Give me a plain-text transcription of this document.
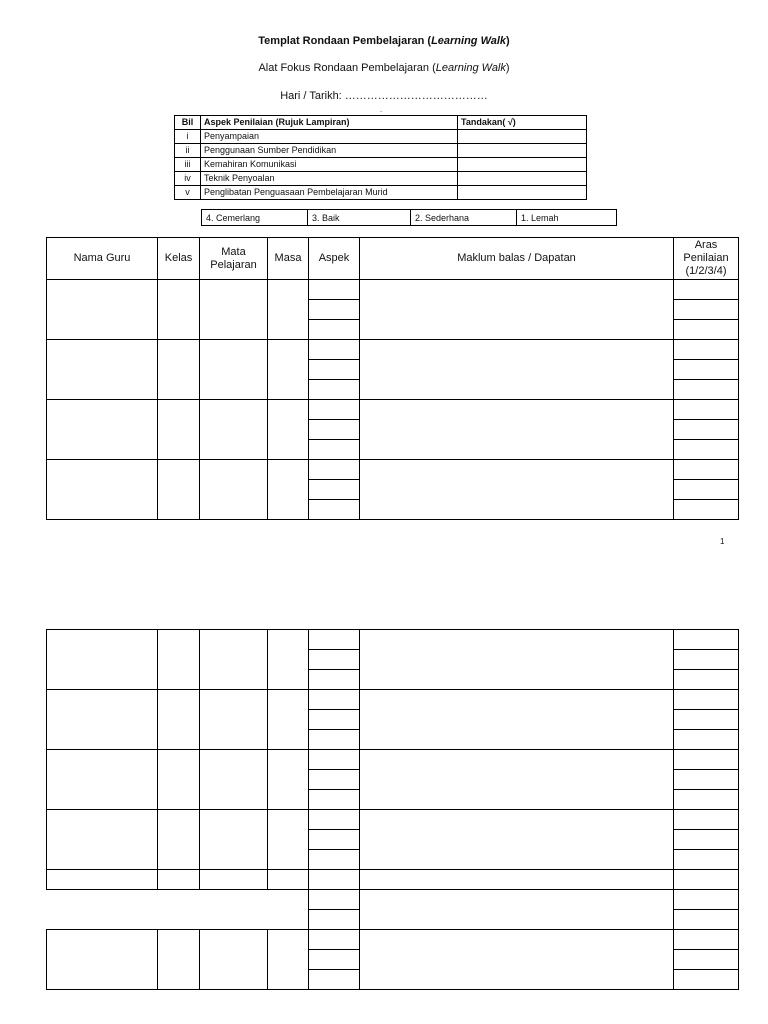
Templat Rondaan Pembelajaran (Learning Walk)
Alat Fokus Rondaan Pembelajaran (Learning Walk)
Hari / Tarikh: …………………………………
.
Bil	Aspek Penilaian (Rujuk Lampiran)	Tandakan( √)
i	Penyampaian	
ii	Penggunaan Sumber Pendidikan	
iii	Kemahiran Komunikasi	
iv	Teknik Penyoalan	
v	Penglibatan Penguasaan Pembelajaran Murid	
4. Cemerlang	3. Baik	2. Sederhana	1. Lemah
Nama Guru	Kelas	Mata Pelajaran	Masa	Aspek	Maklum balas / Dapatan	Aras Penilaian (1/2/3/4)

1
